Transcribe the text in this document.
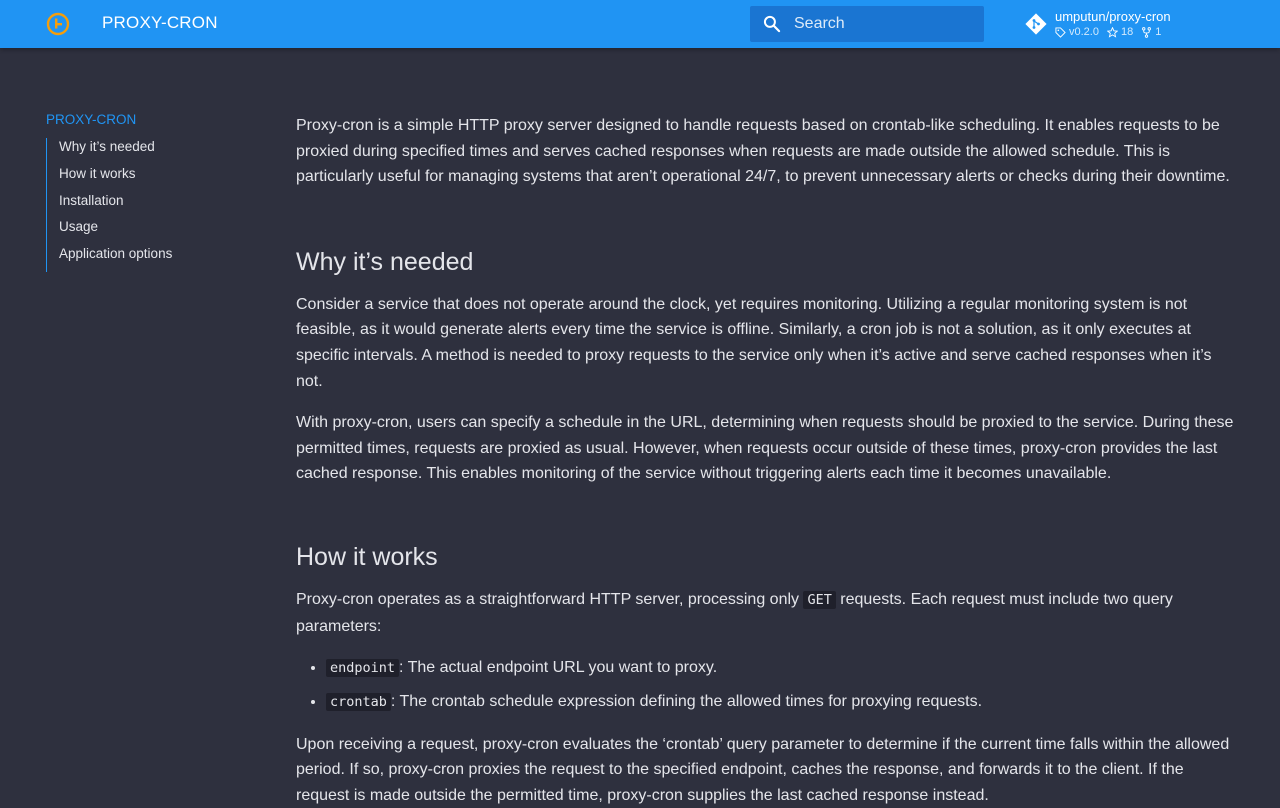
PROXY-CRON
Search	umputun/proxy-cron
v0.2.0 18 1
PROXY-CRON
Why it’s needed
How it works
Installation
Usage
Application options

Proxy-cron is a simple HTTP proxy server designed to handle requests based on crontab-like scheduling. It enables requests to be proxied during specified times and serves cached responses when requests are made outside the allowed schedule. This is particularly useful for managing systems that aren’t operational 24/7, to prevent unnecessary alerts or checks during their downtime.

Why it’s needed

Consider a service that does not operate around the clock, yet requires monitoring. Utilizing a regular monitoring system is not feasible, as it would generate alerts every time the service is offline. Similarly, a cron job is not a solution, as it only executes at specific intervals. A method is needed to proxy requests to the service only when it’s active and serve cached responses when it’s not.

With proxy-cron, users can specify a schedule in the URL, determining when requests should be proxied to the service. During these permitted times, requests are proxied as usual. However, when requests occur outside of these times, proxy-cron provides the last cached response. This enables monitoring of the service without triggering alerts each time it becomes unavailable.

How it works

Proxy-cron operates as a straightforward HTTP server, processing only GET requests. Each request must include two query parameters:

• endpoint : The actual endpoint URL you want to proxy.
• crontab : The crontab schedule expression defining the allowed times for proxying requests.

Upon receiving a request, proxy-cron evaluates the ‘crontab’ query parameter to determine if the current time falls within the allowed period. If so, proxy-cron proxies the request to the specified endpoint, caches the response, and forwards it to the client. If the request is made outside the permitted time, proxy-cron supplies the last cached response instead.
